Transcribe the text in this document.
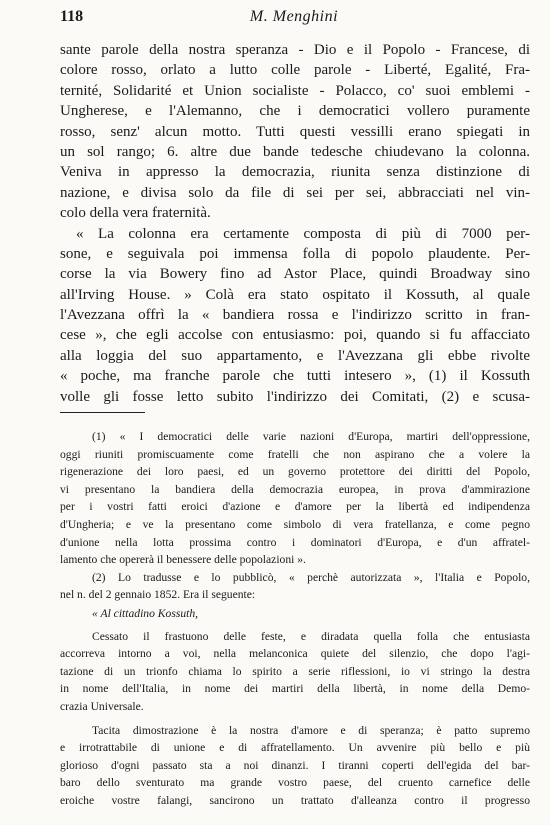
118	M. Menghini
sante parole della nostra speranza - Dio e il Popolo - Francese, di
colore rosso, orlato a lutto colle parole - Liberté, Egalité, Fra-
ternité, Solidarité et Union socialiste - Polacco, co' suoi emblemi -
Ungherese, e l'Alemanno, che i democratici vollero puramente
rosso, senz' alcun motto. Tutti questi vessilli erano spiegati in
un sol rango; 6. altre due bande tedesche chiudevano la colonna.
Veniva in appresso la democrazia, riunita senza distinzione di
nazione, e divisa solo da file di sei per sei, abbracciati nel vin-
colo della vera fraternità.
« La colonna era certamente composta di più di 7000 per-
sone, e seguivala poi immensa folla di popolo plaudente. Per-
corse la via Bowery fino ad Astor Place, quindi Broadway sino
all'Irving House. » Colà era stato ospitato il Kossuth, al quale
l'Avezzana offrì la « bandiera rossa e l'indirizzo scritto in fran-
cese », che egli accolse con entusiasmo: poi, quando si fu affacciato
alla loggia del suo appartamento, e l'Avezzana gli ebbe rivolte
« poche, ma franche parole che tutti intesero », (1) il Kossuth
volle gli fosse letto subito l'indirizzo dei Comitati, (2) e scusa-
(1) « I democratici delle varie nazioni d'Europa, martiri dell'oppressione,
oggi riuniti promiscuamente come fratelli che non aspirano che a volere la
rigenerazione dei loro paesi, ed un governo protettore dei diritti del Popolo,
vi presentano la bandiera della democrazia europea, in prova d'ammirazione
per i vostri fatti eroici d'azione e d'amore per la libertà ed indipendenza
d'Ungheria; e ve la presentano come simbolo di vera fratellanza, e come pegno
d'unione nella lotta prossima contro i dominatori d'Europa, e d'un affratel-
lamento che opererà il benessere delle popolazioni ».
(2) Lo tradusse e lo pubblicò, « perchè autorizzata », l'Italia e Popolo,
nel n. del 2 gennaio 1852. Era il seguente:
« Al cittadino Kossuth,
Cessato il frastuono delle feste, e diradata quella folla che entusiasta
accorreva intorno a voi, nella melanconica quiete del silenzio, che dopo l'agi-
tazione di un trionfo chiama lo spirito a serie riflessioni, io vi stringo la destra
in nome dell'Italia, in nome dei martiri della libertà, in nome della Demo-
crazia Universale.
Tacita dimostrazione è la nostra d'amore e di speranza; è patto supremo
e irrotrattabile di unione e di affratellamento. Un avvenire più bello e più
glorioso d'ogni passato sta a noi dinanzi. I tiranni coperti dell'egida del bar-
baro dello sventurato ma grande vostro paese, del cruento carnefice delle
eroiche vostre falangi, sancirono un trattato d'alleanza contro il progresso
